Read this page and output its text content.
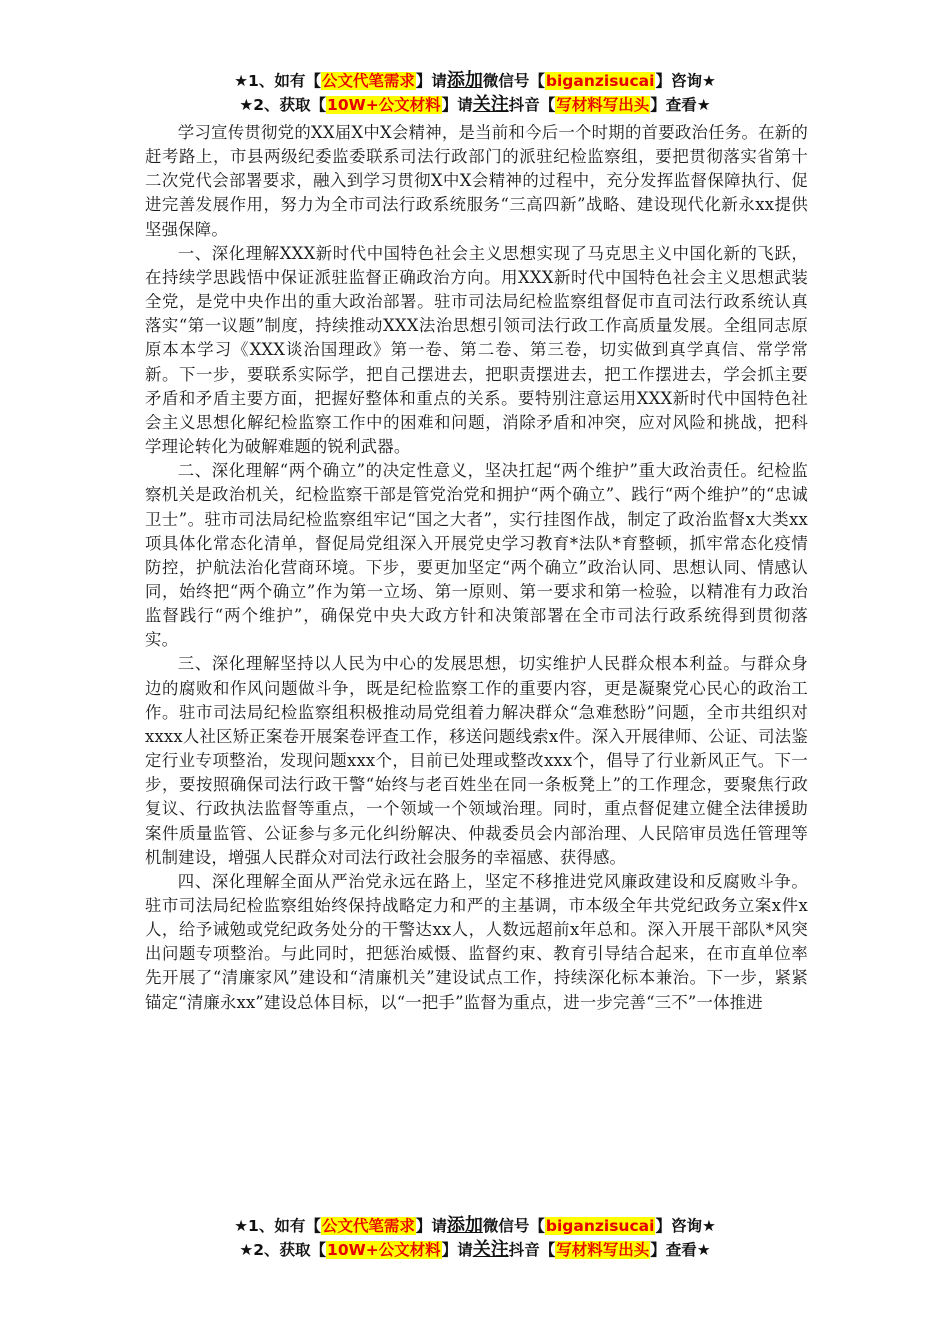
★1、如有【公文代笔需求】请添加微信号【biganzisucai】咨询★
★2、获取【10W+公文材料】请关注抖音【写材料写出头】查看★

学习宣传贯彻党的XX届X中X会精神，是当前和今后一个时期的首要政治任务。在新的赶考路上，市县两级纪委监委联系司法行政部门的派驻纪检监察组，要把贯彻落实省第十二次党代会部署要求，融入到学习贯彻X中X会精神的过程中，充分发挥监督保障执行、促进完善发展作用，努力为全市司法行政系统服务“三高四新”战略、建设现代化新永xx提供坚强保障。

一、深化理解XXX新时代中国特色社会主义思想实现了马克思主义中国化新的飞跃，在持续学思践悟中保证派驻监督正确政治方向。用XXX新时代中国特色社会主义思想武装全党，是党中央作出的重大政治部署。驻市司法局纪检监察组督促市直司法行政系统认真落实“第一议题”制度，持续推动XXX法治思想引领司法行政工作高质量发展。全组同志原原本本学习《XXX谈治国理政》第一卷、第二卷、第三卷，切实做到真学真信、常学常新。下一步，要联系实际学，把自己摆进去，把职责摆进去，把工作摆进去，学会抓主要矛盾和矛盾主要方面，把握好整体和重点的关系。要特别注意运用XXX新时代中国特色社会主义思想化解纪检监察工作中的困难和问题，消除矛盾和冲突，应对风险和挑战，把科学理论转化为破解难题的锐利武器。

二、深化理解“两个确立”的决定性意义，坚决扛起“两个维护”重大政治责任。纪检监察机关是政治机关，纪检监察干部是管党治党和拥护“两个确立”、践行“两个维护”的“忠诚卫士”。驻市司法局纪检监察组牢记“国之大者”，实行挂图作战，制定了政治监督x大类xx项具体化常态化清单，督促局党组深入开展党史学习教育*法队*育整顿，抓牢常态化疫情防控，护航法治化营商环境。下步，要更加坚定“两个确立”政治认同、思想认同、情感认同，始终把“两个确立”作为第一立场、第一原则、第一要求和第一检验，以精准有力政治监督践行“两个维护”，确保党中央大政方针和决策部署在全市司法行政系统得到贯彻落实。

三、深化理解坚持以人民为中心的发展思想，切实维护人民群众根本利益。与群众身边的腐败和作风问题做斗争，既是纪检监察工作的重要内容，更是凝聚党心民心的政治工作。驻市司法局纪检监察组积极推动局党组着力解决群众“急难愁盼”问题，全市共组织对xxxx人社区矫正案卷开展案卷评查工作，移送问题线索x件。深入开展律师、公证、司法鉴定行业专项整治，发现问题xxx个，目前已处理或整改xxx个，倡导了行业新风正气。下一步，要按照确保司法行政干警“始终与老百姓坐在同一条板凳上”的工作理念，要聚焦行政复议、行政执法监督等重点，一个领域一个领域治理。同时，重点督促建立健全法律援助案件质量监管、公证参与多元化纠纷解决、仲裁委员会内部治理、人民陪审员选任管理等机制建设，增强人民群众对司法行政社会服务的幸福感、获得感。

四、深化理解全面从严治党永远在路上，坚定不移推进党风廉政建设和反腐败斗争。驻市司法局纪检监察组始终保持战略定力和严的主基调，市本级全年共党纪政务立案x件x人，给予诫勉或党纪政务处分的干警达xx人，人数远超前x年总和。深入开展干部队*风突出问题专项整治。与此同时，把惩治威慑、监督约束、教育引导结合起来，在市直单位率先开展了“清廉家风”建设和“清廉机关”建设试点工作，持续深化标本兼治。下一步，紧紧锚定“清廉永xx”建设总体目标，以“一把手”监督为重点，进一步完善“三不”一体推进

★1、如有【公文代笔需求】请添加微信号【biganzisucai】咨询★
★2、获取【10W+公文材料】请关注抖音【写材料写出头】查看★
